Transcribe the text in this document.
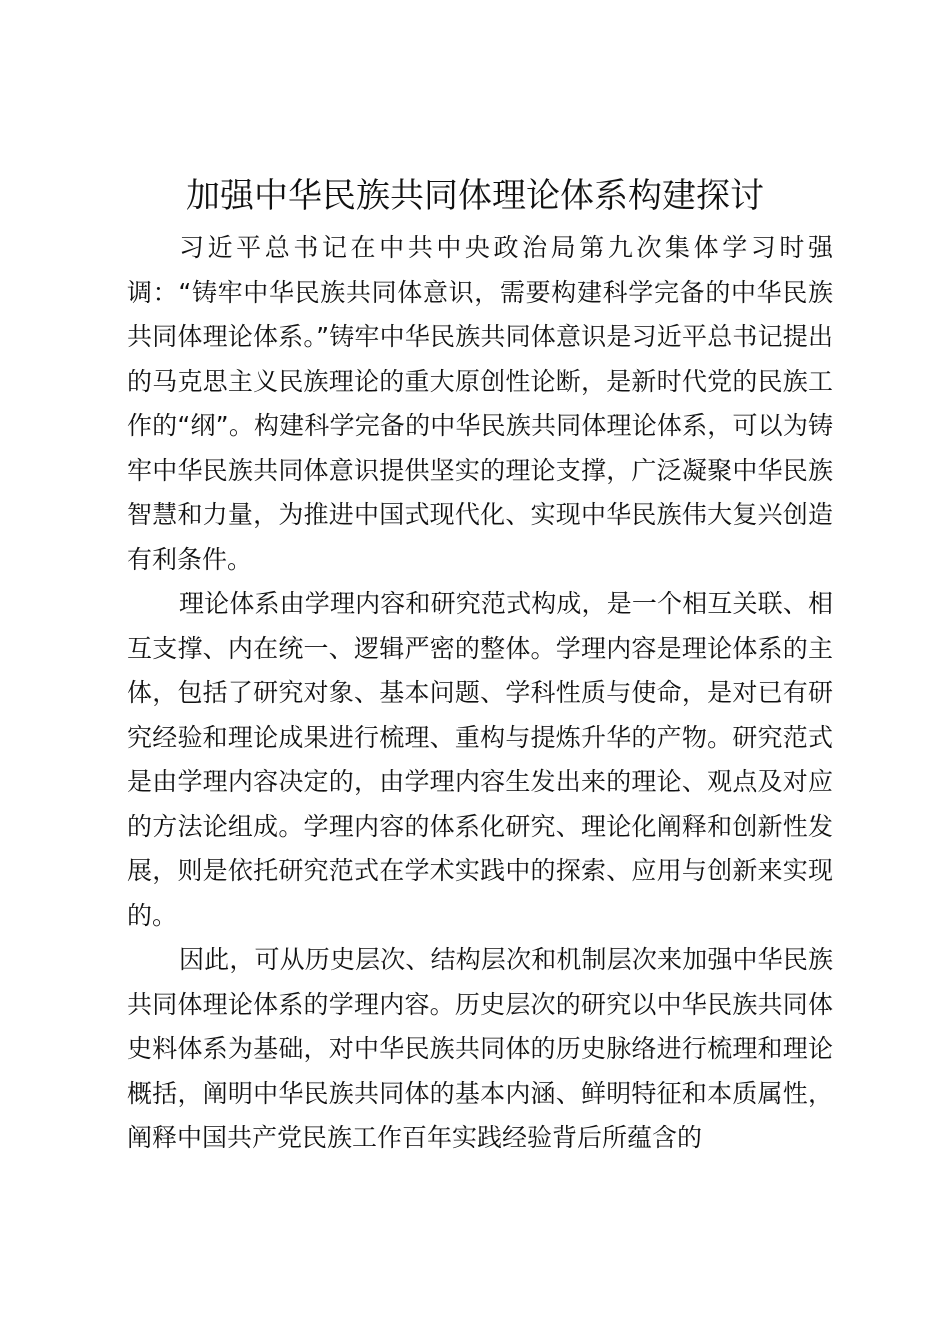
加强中华民族共同体理论体系构建探讨

习近平总书记在中共中央政治局第九次集体学习时强调：“铸牢中华民族共同体意识，需要构建科学完备的中华民族共同体理论体系。”铸牢中华民族共同体意识是习近平总书记提出的马克思主义民族理论的重大原创性论断，是新时代党的民族工作的“纲”。构建科学完备的中华民族共同体理论体系，可以为铸牢中华民族共同体意识提供坚实的理论支撑，广泛凝聚中华民族智慧和力量，为推进中国式现代化、实现中华民族伟大复兴创造有利条件。

理论体系由学理内容和研究范式构成，是一个相互关联、相互支撑、内在统一、逻辑严密的整体。学理内容是理论体系的主体，包括了研究对象、基本问题、学科性质与使命，是对已有研究经验和理论成果进行梳理、重构与提炼升华的产物。研究范式是由学理内容决定的，由学理内容生发出来的理论、观点及对应的方法论组成。学理内容的体系化研究、理论化阐释和创新性发展，则是依托研究范式在学术实践中的探索、应用与创新来实现的。

因此，可从历史层次、结构层次和机制层次来加强中华民族共同体理论体系的学理内容。历史层次的研究以中华民族共同体史料体系为基础，对中华民族共同体的历史脉络进行梳理和理论概括，阐明中华民族共同体的基本内涵、鲜明特征和本质属性，阐释中国共产党民族工作百年实践经验背后所蕴含的
